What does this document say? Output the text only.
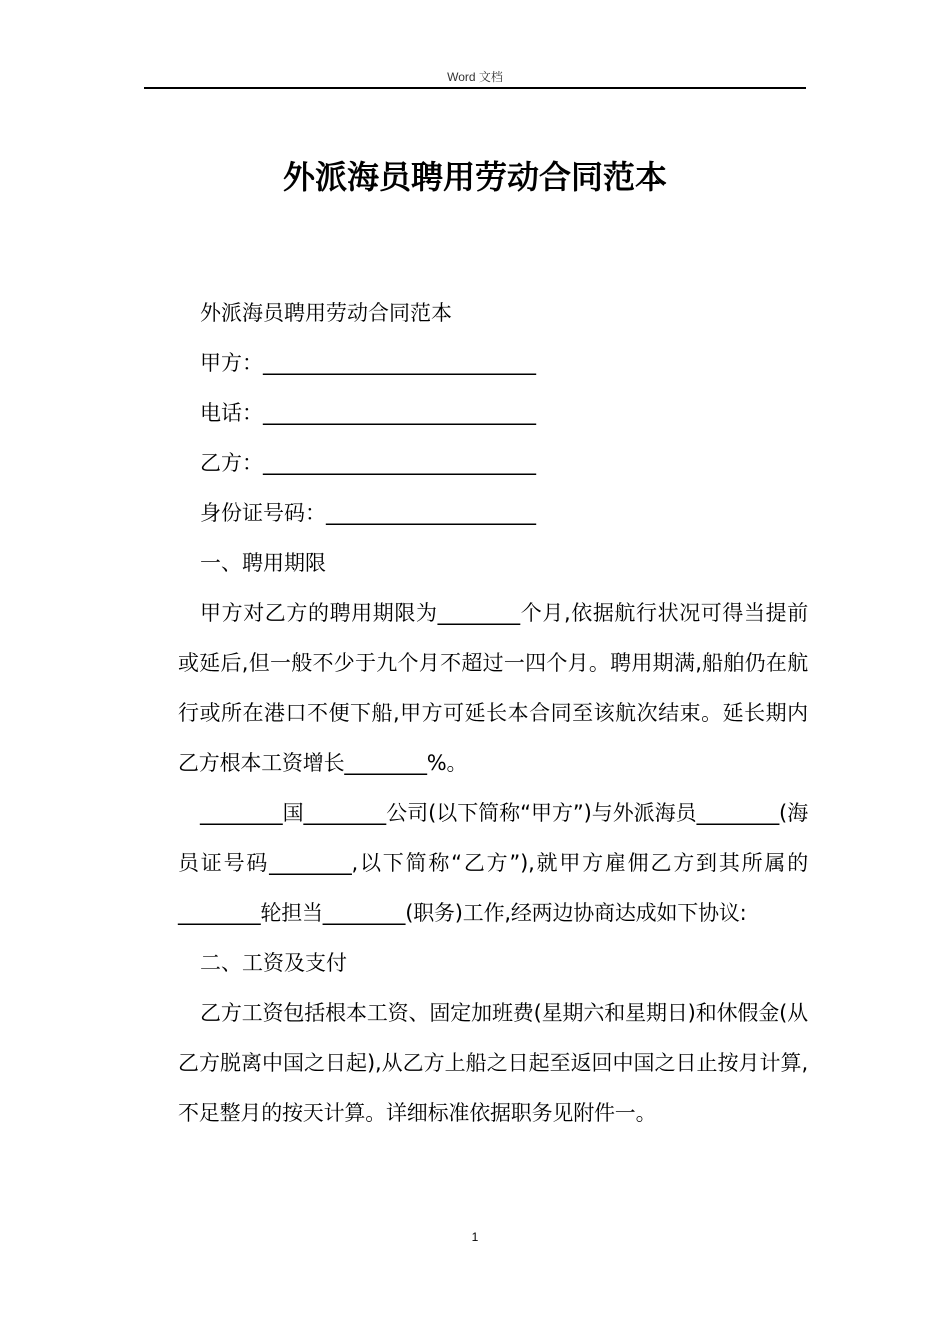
Word 文档
外派海员聘用劳动合同范本
外派海员聘用劳动合同范本
甲方：__________________________
电话：__________________________
乙方：__________________________
身份证号码：____________________
一、聘用期限
甲方对乙方的聘用期限为________个月,依据航行状况可得当提前或延后,但一般不少于九个月不超过一四个月。聘用期满,船舶仍在航行或所在港口不便下船,甲方可延长本合同至该航次结束。延长期内乙方根本工资增长________%。
________国________公司(以下简称“甲方”)与外派海员________(海员证号码________,以下简称“乙方”),就甲方雇佣乙方到其所属的________轮担当________(职务)工作,经两边协商达成如下协议:
二、工资及支付
乙方工资包括根本工资、固定加班费(星期六和星期日)和休假金(从乙方脱离中国之日起),从乙方上船之日起至返回中国之日止按月计算,不足整月的按天计算。详细标准依据职务见附件一。
1
